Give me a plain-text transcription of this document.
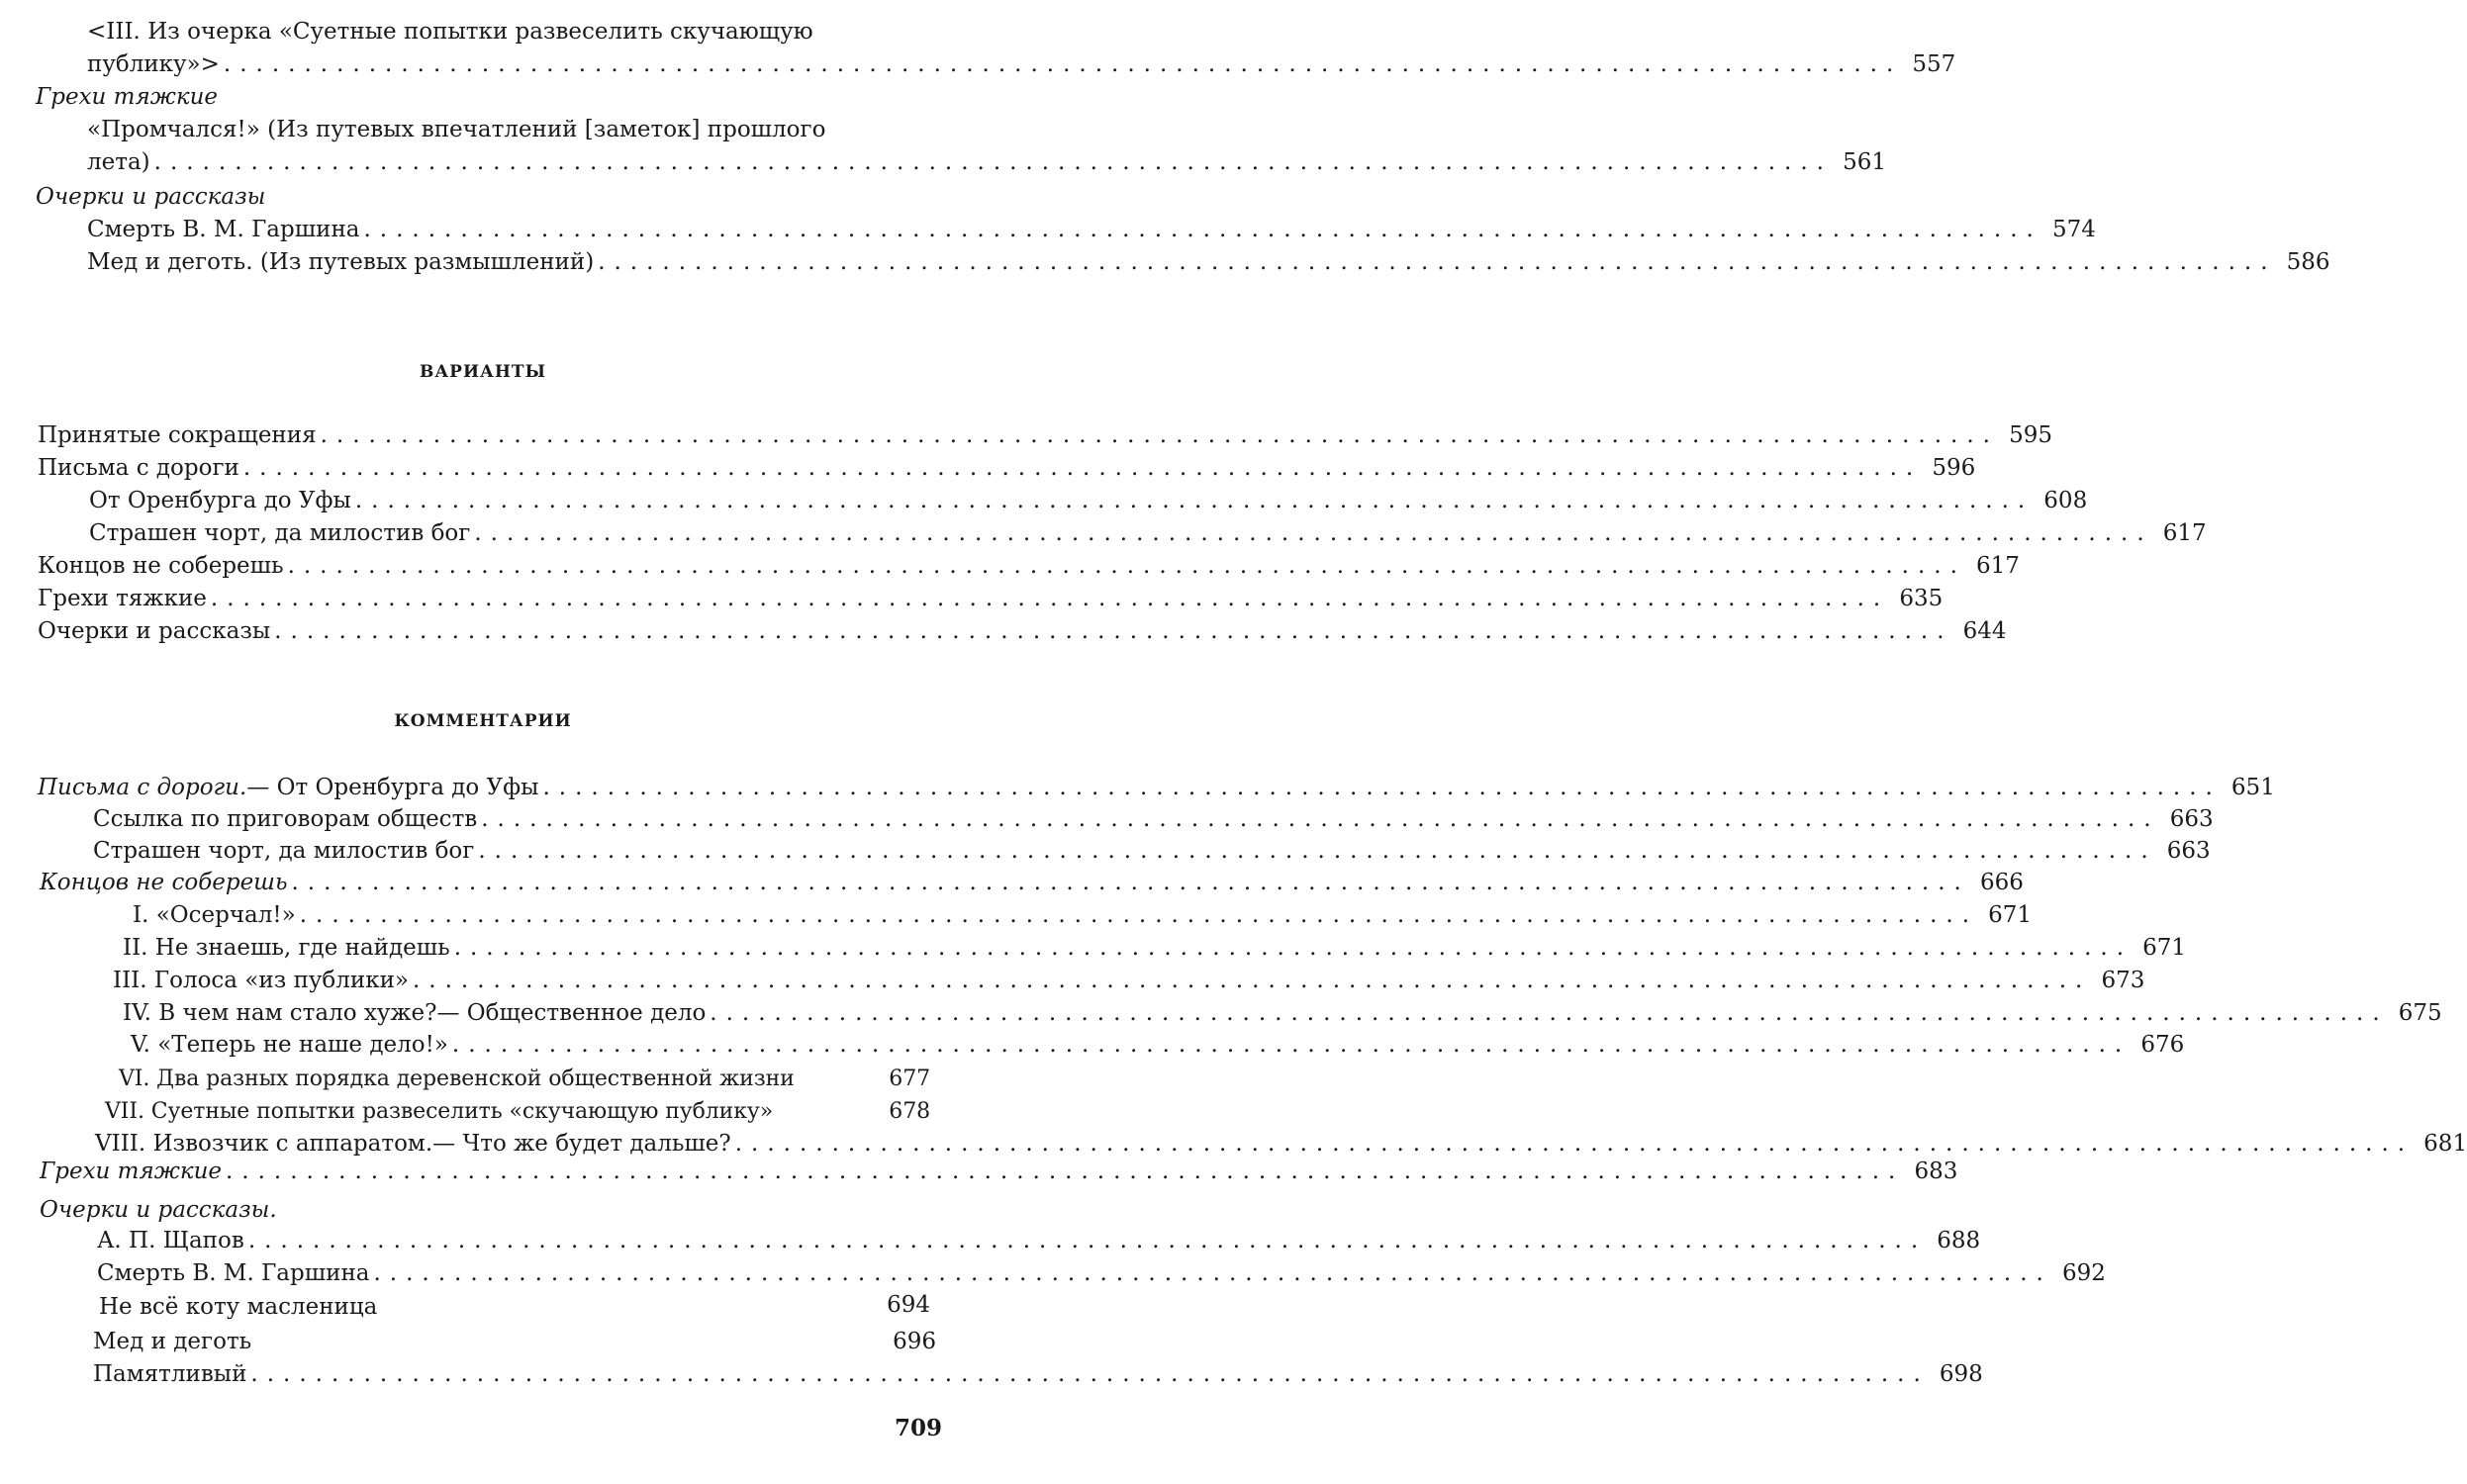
<III. Из очерка «Суетные попытки развеселить скучающую
публику»> ........................................................................................................ 557
Грехи тяжкие
«Промчался!» (Из путевых впечатлений [заметок] прошлого
лета) ........................................................................................................ 561
Очерки и рассказы
Смерть В. М. Гаршина ........................................................................................................ 574
Мед и деготь. (Из путевых размышлений) ........................................................................................................ 586
ВАРИАНТЫ
Принятые сокращения ........................................................................................................ 595
Письма с дороги ........................................................................................................ 596
От Оренбурга до Уфы ........................................................................................................ 608
Страшен чорт, да милостив бог ........................................................................................................ 617
Концов не соберешь ........................................................................................................ 617
Грехи тяжкие ........................................................................................................ 635
Очерки и рассказы ........................................................................................................ 644
КОММЕНТАРИИ
Письма с дороги.— От Оренбурга до Уфы ........................................................................................................ 651
Ссылка по приговорам обществ ........................................................................................................ 663
Страшен чорт, да милостив бог ........................................................................................................ 663
Концов не соберешь ........................................................................................................ 666
I. «Осерчал!» ........................................................................................................ 671
II. Не знаешь, где найдешь ........................................................................................................ 671
III. Голоса «из публики» ........................................................................................................ 673
IV. В чем нам стало хуже?— Общественное дело ........................................................................................................ 675
V. «Теперь не наше дело!» ........................................................................................................ 676
VI. Два разных порядка деревенской общественной жизни	677
VII. Суетные попытки развеселить «скучающую публику»	678
VIII. Извозчик с аппаратом.— Что же будет дальше? ........................................................................................................ 681
Грехи тяжкие ........................................................................................................ 683
Очерки и рассказы.
А. П. Щапов ........................................................................................................ 688
Смерть В. М. Гаршина ........................................................................................................ 692
Не всё коту масленица	694
Мед и деготь	696
Памятливый ........................................................................................................ 698
709
